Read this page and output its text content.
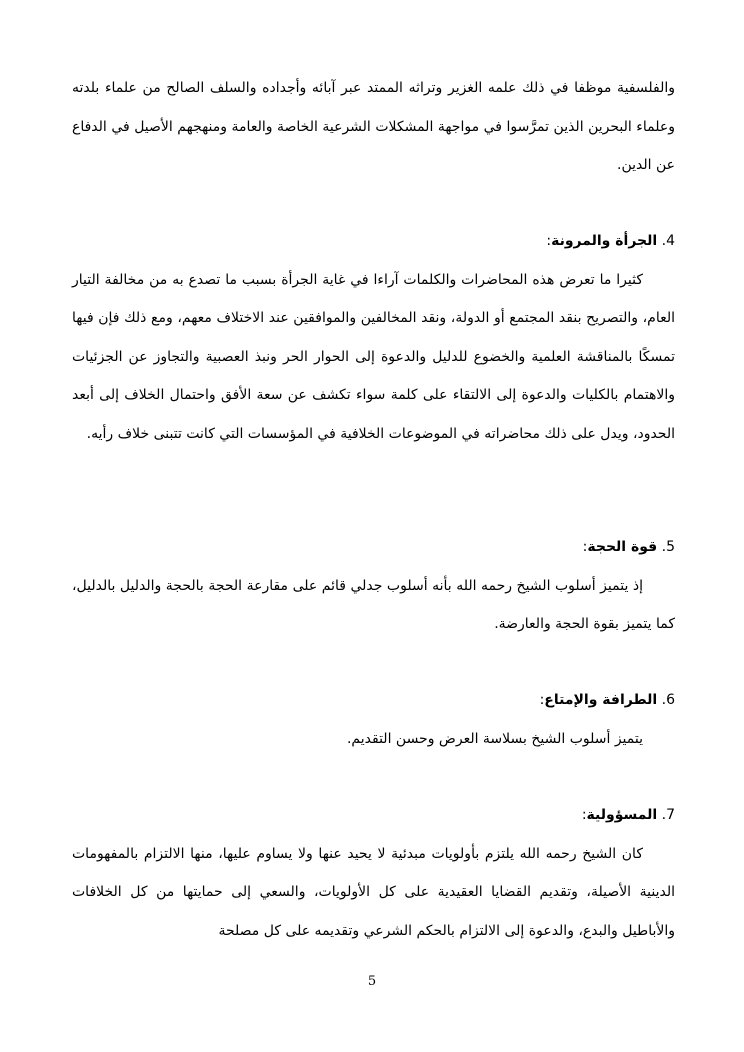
والفلسفية موظفا في ذلك علمه الغزير وتراثه الممتد عبر آبائه وأجداده والسلف الصالح من علماء بلدته وعلماء البحرين الذين تمرَّسوا في مواجهة المشكلات الشرعية الخاصة والعامة ومنهجهم الأصيل في الدفاع عن الدين.

4. الجرأة والمرونة:

كثيرا ما تعرض هذه المحاضرات والكلمات آراءا في غاية الجرأة بسبب ما تصدع به من مخالفة التيار العام، والتصريح بنقد المجتمع أو الدولة، ونقد المخالفين والموافقين عند الاختلاف معهم، ومع ذلك فإن فيها تمسكًا بالمناقشة العلمية والخضوع للدليل والدعوة إلى الحوار الحر ونبذ العصبية والتجاوز عن الجزئيات والاهتمام بالكليات والدعوة إلى الالتقاء على كلمة سواء تكشف عن سعة الأفق واحتمال الخلاف إلى أبعد الحدود، ويدل على ذلك محاضراته في الموضوعات الخلافية في المؤسسات التي كانت تتبنى خلاف رأيه.

5. قوة الحجة:

إذ يتميز أسلوب الشيخ رحمه الله بأنه أسلوب جدلي قائم على مقارعة الحجة بالحجة والدليل بالدليل، كما يتميز بقوة الحجة والعارضة.

6. الطرافة والإمتاع:

يتميز أسلوب الشيخ بسلاسة العرض وحسن التقديم.

7. المسؤولية:

كان الشيخ رحمه الله يلتزم بأولويات مبدئية لا يحيد عنها ولا يساوم عليها، منها الالتزام بالمفهومات الدينية الأصيلة، وتقديم القضايا العقيدية على كل الأولويات، والسعي إلى حمايتها من كل الخلافات والأباطيل والبدع، والدعوة إلى الالتزام بالحكم الشرعي وتقديمه على كل مصلحة

5
